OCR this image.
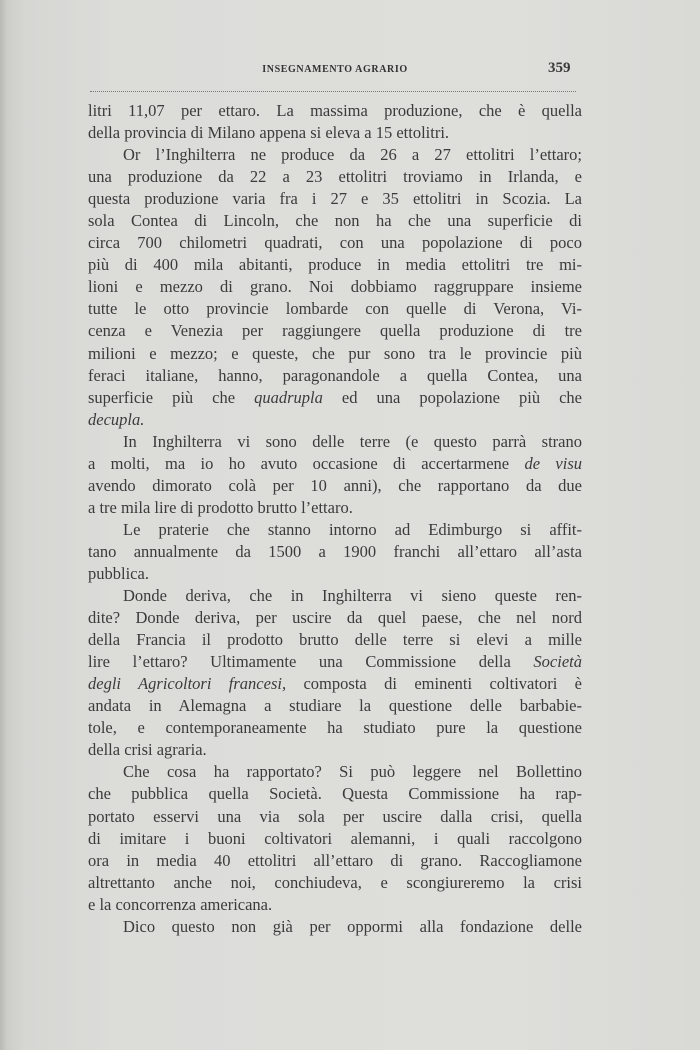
INSEGNAMENTO AGRARIO	359
litri 11,07 per ettaro. La massima produzione, che è quella
della provincia di Milano appena si eleva a 15 ettolitri.
Or l’Inghilterra ne produce da 26 a 27 ettolitri l’ettaro;
una produzione da 22 a 23 ettolitri troviamo in Irlanda, e
questa produzione varia fra i 27 e 35 ettolitri in Scozia. La
sola Contea di Lincoln, che non ha che una superficie di
circa 700 chilometri quadrati, con una popolazione di poco
più di 400 mila abitanti, produce in media ettolitri tre mi-
lioni e mezzo di grano. Noi dobbiamo raggruppare insieme
tutte le otto provincie lombarde con quelle di Verona, Vi-
cenza e Venezia per raggiungere quella produzione di tre
milioni e mezzo; e queste, che pur sono tra le provincie più
feraci italiane, hanno, paragonandole a quella Contea, una
superficie più che quadrupla ed una popolazione più che
decupla.
In Inghilterra vi sono delle terre (e questo parrà strano
a molti, ma io ho avuto occasione di accertarmene de visu
avendo dimorato colà per 10 anni), che rapportano da due
a tre mila lire di prodotto brutto l’ettaro.
Le praterie che stanno intorno ad Edimburgo si affit-
tano annualmente da 1500 a 1900 franchi all’ettaro all’asta
pubblica.
Donde deriva, che in Inghilterra vi sieno queste ren-
dite? Donde deriva, per uscire da quel paese, che nel nord
della Francia il prodotto brutto delle terre si elevi a mille
lire l’ettaro? Ultimamente una Commissione della Società
degli Agricoltori francesi, composta di eminenti coltivatori è
andata in Alemagna a studiare la questione delle barbabie-
tole, e contemporaneamente ha studiato pure la questione
della crisi agraria.
Che cosa ha rapportato? Si può leggere nel Bollettino
che pubblica quella Società. Questa Commissione ha rap-
portato esservi una via sola per uscire dalla crisi, quella
di imitare i buoni coltivatori alemanni, i quali raccolgono
ora in media 40 ettolitri all’ettaro di grano. Raccogliamone
altrettanto anche noi, conchiudeva, e scongiureremo la crisi
e la concorrenza americana.
Dico questo non già per oppormi alla fondazione delle
